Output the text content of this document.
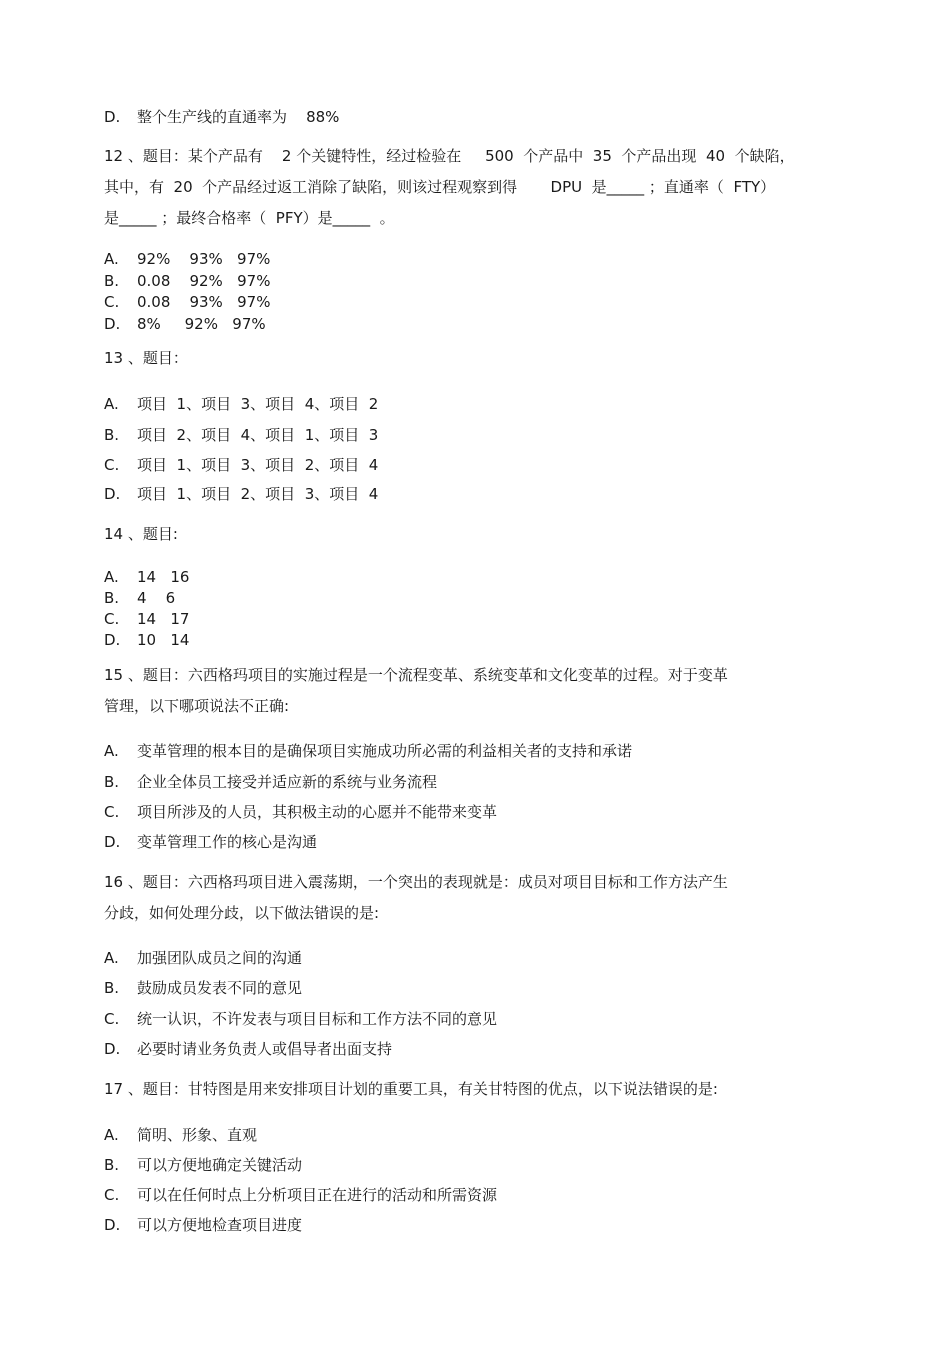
D. 整个生产线的直通率为    88%
12 、题目：某个产品有    2 个关键特性，经过检验在     500  个产品中  35  个产品出现  40  个缺陷，
其中，有  20  个产品经过返工消除了缺陷，则该过程观察到得       DPU  是_____ ；直通率（  FTY）
是_____ ；最终合格率（  PFY）是_____  。
A. 92%    93%   97%
B. 0.08    92%   97%
C. 0.08    93%   97%
D. 8%     92%   97%
13 、题目：
A. 项目  1、项目  3、项目  4、项目  2
B. 项目  2、项目  4、项目  1、项目  3
C. 项目  1、项目  3、项目  2、项目  4
D. 项目  1、项目  2、项目  3、项目  4
14 、题目:
A. 14   16
B. 4    6
C. 14   17
D. 10   14
15 、题目：六西格玛项目的实施过程是一个流程变革、系统变革和文化变革的过程。对于变革
管理，以下哪项说法不正确:
A. 变革管理的根本目的是确保项目实施成功所必需的利益相关者的支持和承诺
B. 企业全体员工接受并适应新的系统与业务流程
C. 项目所涉及的人员，其积极主动的心愿并不能带来变革
D. 变革管理工作的核心是沟通
16 、题目：六西格玛项目进入震荡期，一个突出的表现就是：成员对项目目标和工作方法产生
分歧，如何处理分歧，以下做法错误的是:
A. 加强团队成员之间的沟通
B. 鼓励成员发表不同的意见
C. 统一认识，不许发表与项目目标和工作方法不同的意见
D. 必要时请业务负责人或倡导者出面支持
17 、题目：甘特图是用来安排项目计划的重要工具，有关甘特图的优点，以下说法错误的是:
A. 简明、形象、直观
B. 可以方便地确定关键活动
C. 可以在任何时点上分析项目正在进行的活动和所需资源
D. 可以方便地检查项目进度
